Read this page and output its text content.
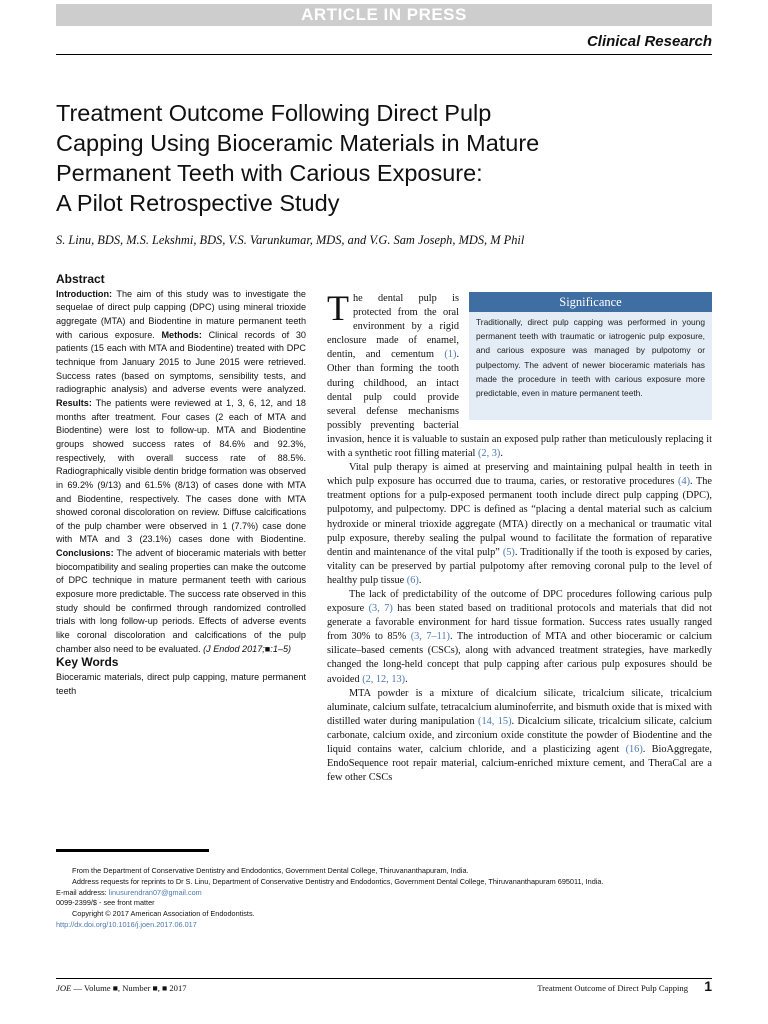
ARTICLE IN PRESS
Clinical Research
Treatment Outcome Following Direct Pulp
Capping Using Bioceramic Materials in Mature
Permanent Teeth with Carious Exposure:
A Pilot Retrospective Study
S. Linu, BDS, M.S. Lekshmi, BDS, V.S. Varunkumar, MDS, and V.G. Sam Joseph, MDS, M Phil
Abstract

Introduction: The aim of this study was to investigate the sequelae of direct pulp capping (DPC) using mineral trioxide aggregate (MTA) and Biodentine in mature permanent teeth with carious exposure. Methods: Clinical records of 30 patients (15 each with MTA and Biodentine) treated with DPC technique from January 2015 to June 2015 were retrieved. Success rates (based on symptoms, sensibility tests, and radiographic analysis) and adverse events were analyzed. Results: The patients were reviewed at 1, 3, 6, 12, and 18 months after treatment. Four cases (2 each of MTA and Biodentine) were lost to follow-up. MTA and Biodentine groups showed success rates of 84.6% and 92.3%, respectively, with overall success rate of 88.5%. Radiographically visible dentin bridge formation was observed in 69.2% (9/13) and 61.5% (8/13) of cases done with MTA and Biodentine, respectively. The cases done with MTA showed coronal discoloration on review. Diffuse calcifications of the pulp chamber were observed in 1 (7.7%) case done with MTA and 3 (23.1%) cases done with Biodentine. Conclusions: The advent of bioceramic materials with better biocompatibility and sealing properties can make the outcome of DPC technique in mature permanent teeth with carious exposure more predictable. The success rate observed in this study should be confirmed through randomized controlled trials with long follow-up periods. Effects of adverse events like coronal discoloration and calcifications of the pulp chamber also need to be evaluated. (J Endod 2017;■:1–5)

Key Words

Bioceramic materials, direct pulp capping, mature permanent teeth

Significance
Traditionally, direct pulp capping was performed in young permanent teeth with traumatic or iatrogenic pulp exposure, and carious exposure was managed by pulpotomy or pulpectomy. The advent of newer bioceramic materials has made the procedure in teeth with carious exposure more predictable, even in mature permanent teeth.

The dental pulp is protected from the oral environment by a rigid enclosure made of enamel, dentin, and cementum (1). Other than forming the tooth during childhood, an intact dental pulp could provide several defense mechanisms possibly preventing bacterial invasion, hence it is valuable to sustain an exposed pulp rather than meticulously replacing it with a synthetic root filling material (2, 3).

Vital pulp therapy is aimed at preserving and maintaining pulpal health in teeth in which pulp exposure has occurred due to trauma, caries, or restorative procedures (4). The treatment options for a pulp-exposed permanent tooth include direct pulp capping (DPC), pulpotomy, and pulpectomy. DPC is defined as “placing a dental material such as calcium hydroxide or mineral trioxide aggregate (MTA) directly on a mechanical or traumatic vital pulp exposure, thereby sealing the pulpal wound to facilitate the formation of reparative dentin and maintenance of the vital pulp” (5). Traditionally if the tooth is exposed by caries, vitality can be preserved by partial pulpotomy after removing coronal pulp to the level of healthy pulp tissue (6).

The lack of predictability of the outcome of DPC procedures following carious pulp exposure (3, 7) has been stated based on traditional protocols and materials that did not generate a favorable environment for hard tissue formation. Success rates usually ranged from 30% to 85% (3, 7–11). The introduction of MTA and other bioceramic or calcium silicate–based cements (CSCs), along with advanced treatment strategies, have markedly changed the long-held concept that pulp capping after carious pulp exposures should be avoided (2, 12, 13).

MTA powder is a mixture of dicalcium silicate, tricalcium silicate, tricalcium aluminate, calcium sulfate, tetracalcium aluminoferrite, and bismuth oxide that is mixed with distilled water during manipulation (14, 15). Dicalcium silicate, tricalcium silicate, calcium carbonate, calcium oxide, and zirconium oxide constitute the powder of Biodentine and the liquid contains water, calcium chloride, and a plasticizing agent (16). BioAggregate, EndoSequence root repair material, calcium-enriched mixture cement, and TheraCal are a few other CSCs

From the Department of Conservative Dentistry and Endodontics, Government Dental College, Thiruvananthapuram, India.
Address requests for reprints to Dr S. Linu, Department of Conservative Dentistry and Endodontics, Government Dental College, Thiruvananthapuram 695011, India.
E-mail address: linusurendran07@gmail.com
0099-2399/$ - see front matter
Copyright © 2017 American Association of Endodontists.
http://dx.doi.org/10.1016/j.joen.2017.06.017
JOE — Volume ■, Number ■, ■ 2017	Treatment Outcome of Direct Pulp Capping 1
